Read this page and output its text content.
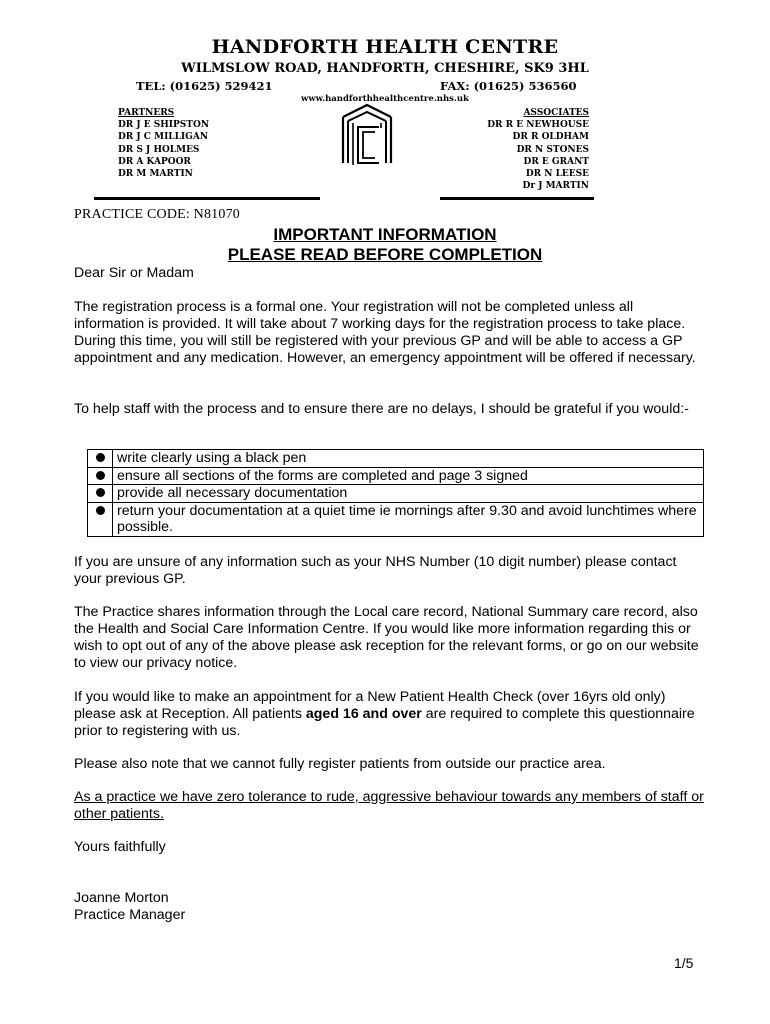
HANDFORTH HEALTH CENTRE
WILMSLOW ROAD, HANDFORTH, CHESHIRE, SK9 3HL
TEL: (01625) 529421	FAX: (01625) 536560
www.handforthhealthcentre.nhs.uk
PARTNERS
DR J E SHIPSTON
DR J C MILLIGAN
DR S J HOLMES
DR A KAPOOR
DR M MARTIN
ASSOCIATES
DR R E NEWHOUSE
DR R OLDHAM
DR N STONES
DR E GRANT
DR N LEESE
Dr J MARTIN
PRACTICE CODE: N81070
IMPORTANT INFORMATION
PLEASE READ BEFORE COMPLETION
Dear Sir or Madam
The registration process is a formal one. Your registration will not be completed unless all information is provided. It will take about 7 working days for the registration process to take place. During this time, you will still be registered with your previous GP and will be able to access a GP appointment and any medication. However, an emergency appointment will be offered if necessary.
To help staff with the process and to ensure there are no delays, I should be grateful if you would:-
	write clearly using a black pen
	ensure all sections of the forms are completed and page 3 signed
	provide all necessary documentation
	return your documentation at a quiet time ie mornings after 9.30 and avoid lunchtimes where possible.
If you are unsure of any information such as your NHS Number (10 digit number) please contact your previous GP.
The Practice shares information through the Local care record, National Summary care record, also the Health and Social Care Information Centre. If you would like more information regarding this or wish to opt out of any of the above please ask reception for the relevant forms, or go on our website to view our privacy notice.
If you would like to make an appointment for a New Patient Health Check (over 16yrs old only) please ask at Reception. All patients aged 16 and over are required to complete this questionnaire prior to registering with us.
Please also note that we cannot fully register patients from outside our practice area.
As a practice we have zero tolerance to rude, aggressive behaviour towards any members of staff or other patients.
Yours faithfully
Joanne Morton
Practice Manager
1/5
